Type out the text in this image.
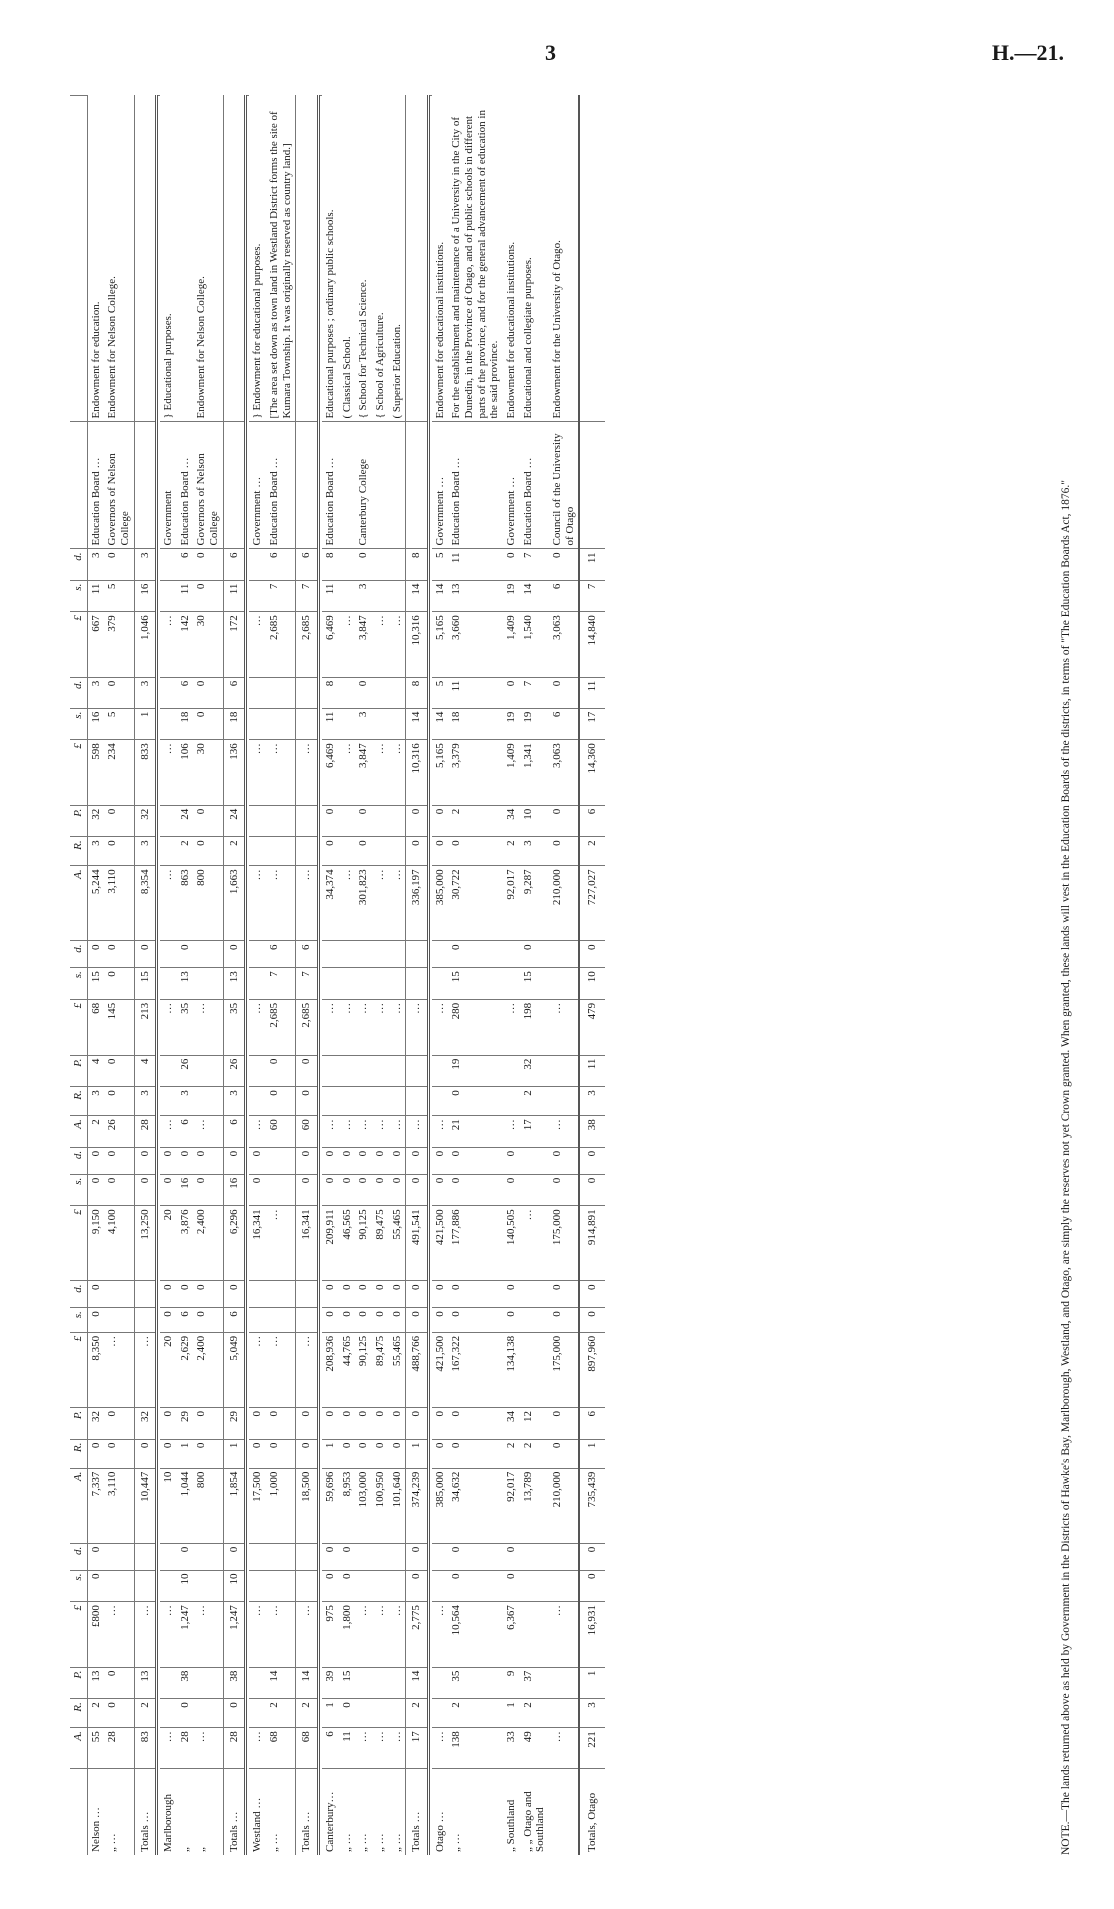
3	H.—21.
	A.	R.	P.	£	s.	d.	A.	R.	P.	£	s.	d.	£	s.	d.	A.	R.	P.	£	s.	d.	A.	R.	P.	£	s.	d.	£	s.	d.		
Nelson …	55	2	13	£800	0	0	7,337	0	32	8,350	0	0	9,150	0	0	2	3	4	68	15	0	5,244	3	32	598	16	3	667	11	3	Education Board …	Endowment for education.
„ …	28	0	0	…			3,110	0	0	…			4,100	0	0	26	0	0	145	0	0	3,110	0	0	234	5	0	379	5	0	Governors of Nelson College	Endowment for Nelson College.
Totals …	83	2	13	…			10,447	0	32	…			13,250	0	0	28	3	4	213	15	0	8,354	3	32	833	1	3	1,046	16	3		

Marlborough	…			…			10	0	0	20	0	0	20	0	0	…			…			…			…			…			Government	} Educational purposes.
„	28	0	38	1,247	10	0	1,044	1	29	2,629	6	0	3,876	16	0	6	3	26	35	13	0	863	2	24	106	18	6	142	11	6	Education Board …	
„	…			…			800	0	0	2,400	0	0	2,400	0	0	…			…			800	0	0	30	0	0	30	0	0	Governors of Nelson College	Endowment for Nelson College.
Totals …	28	0	38	1,247	10	0	1,854	1	29	5,049	6	0	6,296	16	0	6	3	26	35	13	0	1,663	2	24	136	18	6	172	11	6		

Westland …	…			…			17,500	0	0	…			16,341	0	0	…			…			…			…			…			Government …	} Endowment for educational purposes.
„ …	68	2	14	…			1,000	0	0	…			…			60	0	0	2,685	7	6	…			…			2,685	7	6	Education Board …	[The area set down as town land in Westland District forms the site of Kumara Township. It was originally reserved as country land.]
Totals …	68	2	14	…			18,500	0	0	…			16,341	0	0	60	0	0	2,685	7	6	…			…			2,685	7	6		

Canterbury…	6	1	39	975	0	0	59,696	1	0	208,936	0	0	209,911	0	0	…			…			34,374	0	0	6,469	11	8	6,469	11	8	Education Board …	Educational purposes ; ordinary public schools.
„ …	11	0	15	1,800	0	0	8,953	0	0	44,765	0	0	46,565	0	0	…			…			…			…			…				( Classical School.
„ …	…			…			103,000	0	0	90,125	0	0	90,125	0	0	…			…			301,823	0	0	3,847	3	0	3,847	3	0	Canterbury College	{ School for Technical Science.
„ …	…			…			100,950	0	0	89,475	0	0	89,475	0	0	…			…			…			…			…				{ School of Agriculture.
„ …	…			…			101,640	0	0	55,465	0	0	55,465	0	0	…			…			…			…			…				( Superior Education.
Totals …	17	2	14	2,775	0	0	374,239	1	0	488,766	0	0	491,541	0	0	…			…			336,197	0	0	10,316	14	8	10,316	14	8		

Otago …	…			…			385,000	0	0	421,500	0	0	421,500	0	0	…			…			385,000	0	0	5,165	14	5	5,165	14	5	Government …	Endowment for educational institutions.
„ …	138	2	35	10,564	0	0	34,632	0	0	167,322	0	0	177,886	0	0	21	0	19	280	15	0	30,722	0	2	3,379	18	11	3,660	13	11	Education Board …	For the establishment and maintenance of a University in the City of Dunedin, in the Province of Otago, and of public schools in different parts of the province, and for the general advancement of education in the said province.
„ Southland	33	1	9	6,367	0	0	92,017	2	34	134,138	0	0	140,505	0	0	…			…			92,017	2	34	1,409	19	0	1,409	19	0	Government …	Endowment for educational institutions.
„ „ Otago and Southland	49	2	37				13,789	2	12				…			17	2	32	198	15	0	9,287	3	10	1,341	19	7	1,540	14	7	Education Board …	Educational and collegiate purposes.
	…			…			210,000	0	0	175,000	0	0	175,000	0	0	…			…			210,000	0	0	3,063	6	0	3,063	6	0	Council of the University of Otago	Endowment for the University of Otago.
Totals, Otago	221	3	1	16,931	0	0	735,439	1	6	897,960	0	0	914,891	0	0	38	3	11	479	10	0	727,027	2	6	14,360	17	11	14,840	7	11			NOTE.—The lands returned above as held by Government in the Districts of Hawke's Bay, Marlborough, Westland, and Otago, are simply the reserves not yet Crown granted. When granted, these lands will vest in the Education Boards of the districts, in terms of "The Education Boards Act, 1876."
